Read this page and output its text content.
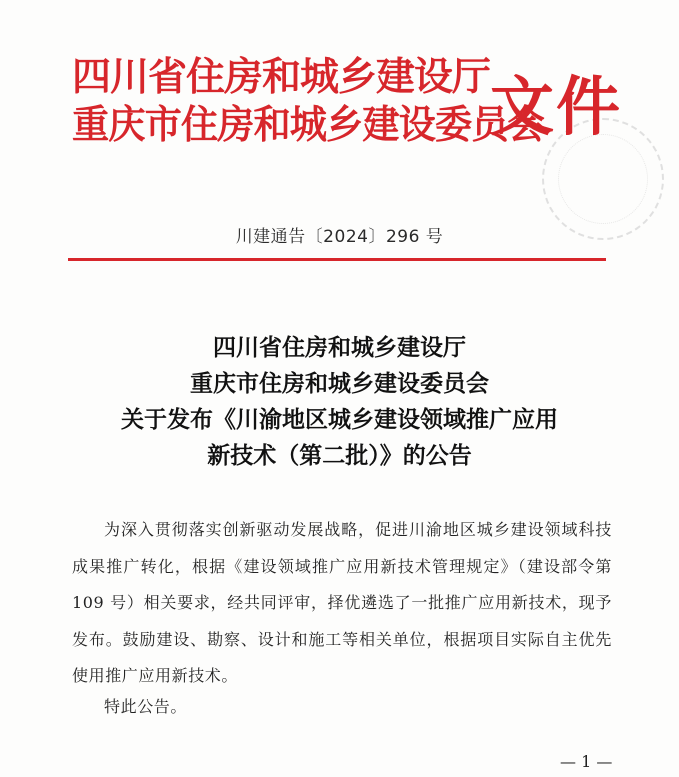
四川省住房和城乡建设厅
重庆市住房和城乡建设委员会
文件
川建通告〔2024〕296 号
四川省住房和城乡建设厅
重庆市住房和城乡建设委员会
关于发布《川渝地区城乡建设领域推广应用
新技术（第二批）》的公告

为深入贯彻落实创新驱动发展战略，促进川渝地区城乡建设领域科技成果推广转化，根据《建设领域推广应用新技术管理规定》（建设部令第 109 号）相关要求，经共同评审，择优遴选了一批推广应用新技术，现予发布。鼓励建设、勘察、设计和施工等相关单位，根据项目实际自主优先使用推广应用新技术。

特此公告。
— 1 —
